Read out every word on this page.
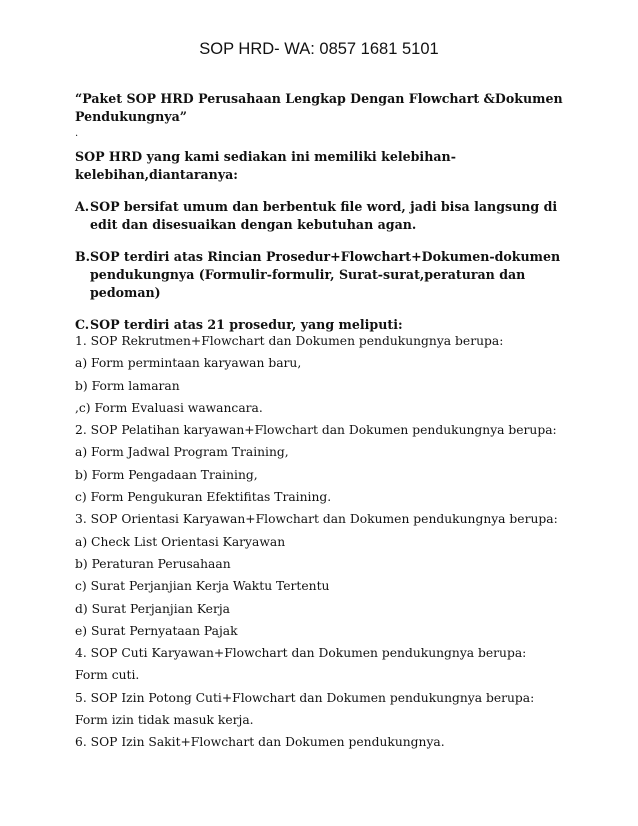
SOP HRD- WA: 0857 1681 5101

“Paket SOP HRD Perusahaan Lengkap Dengan Flowchart &Dokumen Pendukungnya”

.

SOP HRD yang kami sediakan ini memiliki kelebihan-kelebihan,diantaranya:

A. SOP bersifat umum dan berbentuk file word, jadi bisa langsung di edit dan disesuaikan dengan kebutuhan agan.
B. SOP terdiri atas Rincian Prosedur+Flowchart+Dokumen-dokumen pendukungnya (Formulir-formulir, Surat-surat,peraturan dan pedoman)
C. SOP terdiri atas 21 prosedur, yang meliputi:

1. SOP Rekrutmen+Flowchart dan Dokumen pendukungnya berupa:

a) Form permintaan karyawan baru,

b) Form lamaran

,c) Form Evaluasi wawancara.

2. SOP Pelatihan karyawan+Flowchart dan Dokumen pendukungnya berupa:

a) Form Jadwal Program Training,

b) Form Pengadaan Training,

c) Form Pengukuran Efektifitas Training.

3. SOP Orientasi Karyawan+Flowchart dan Dokumen pendukungnya berupa:

a) Check List Orientasi Karyawan

b) Peraturan Perusahaan

c) Surat Perjanjian Kerja Waktu Tertentu

d) Surat Perjanjian Kerja

e) Surat Pernyataan Pajak

4. SOP Cuti Karyawan+Flowchart dan Dokumen pendukungnya berupa:

Form cuti.

5. SOP Izin Potong Cuti+Flowchart dan Dokumen pendukungnya berupa:

Form izin tidak masuk kerja.

6. SOP Izin Sakit+Flowchart dan Dokumen pendukungnya.
